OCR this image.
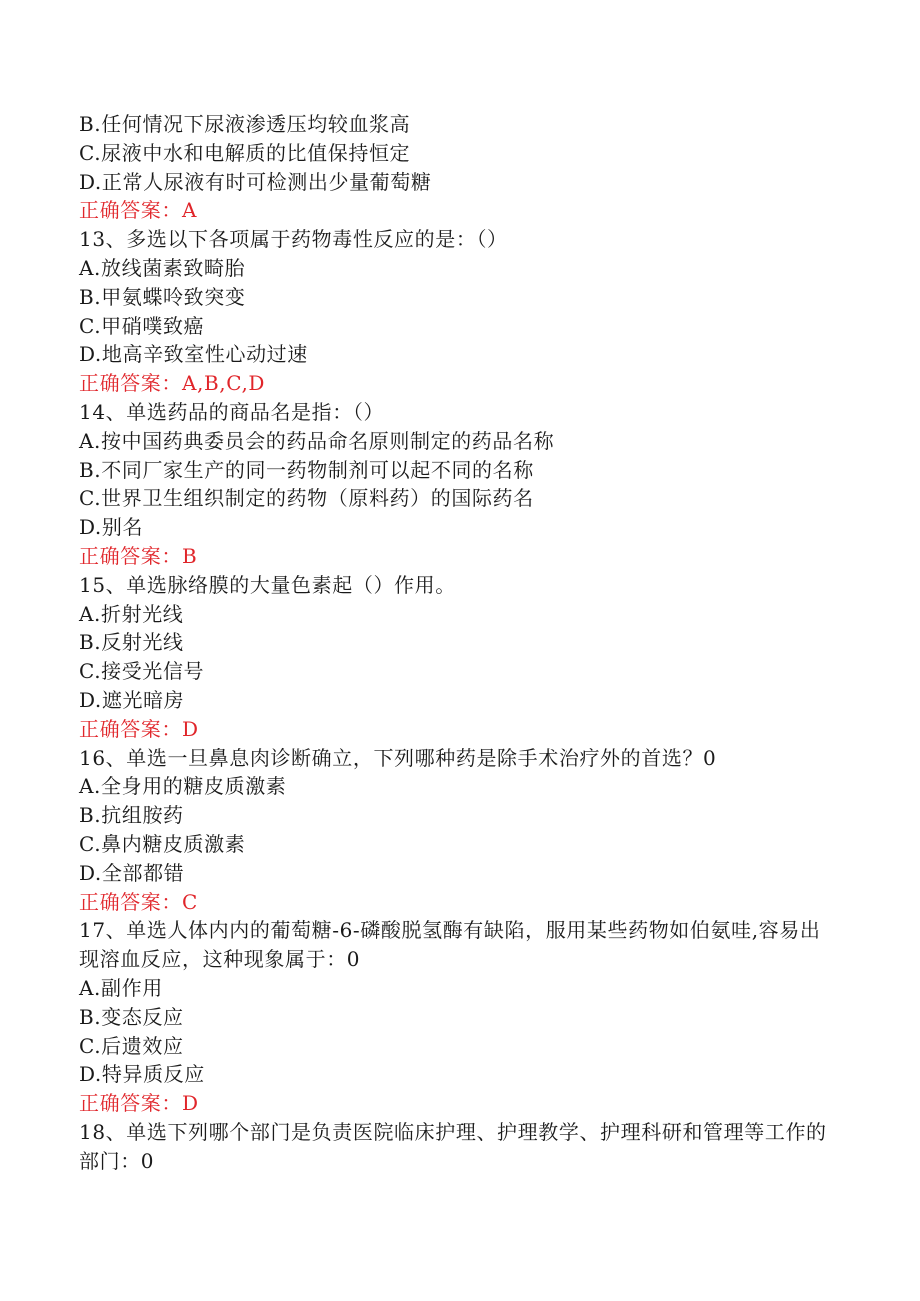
B.任何情况下尿液渗透压均较血浆高
C.尿液中水和电解质的比值保持恒定
D.正常人尿液有时可检测出少量葡萄糖
正确答案：A
13、多选以下各项属于药物毒性反应的是：（）
A.放线菌素致畸胎
B.甲氨蝶呤致突变
C.甲硝噗致癌
D.地高辛致室性心动过速
正确答案：A,B,C,D
14、单选药品的商品名是指：（）
A.按中国药典委员会的药品命名原则制定的药品名称
B.不同厂家生产的同一药物制剂可以起不同的名称
C.世界卫生组织制定的药物（原料药）的国际药名
D.别名
正确答案：B
15、单选脉络膜的大量色素起（）作用。
A.折射光线
B.反射光线
C.接受光信号
D.遮光暗房
正确答案：D
16、单选一旦鼻息肉诊断确立，下列哪种药是除手术治疗外的首选？0
A.全身用的糖皮质激素
B.抗组胺药
C.鼻内糖皮质激素
D.全部都错
正确答案：C
17、单选人体内内的葡萄糖-6-磷酸脱氢酶有缺陷，服用某些药物如伯氨哇,容易出现溶血反应，这种现象属于：0
A.副作用
B.变态反应
C.后遗效应
D.特异质反应
正确答案：D
18、单选下列哪个部门是负责医院临床护理、护理教学、护理科研和管理等工作的部门：0
